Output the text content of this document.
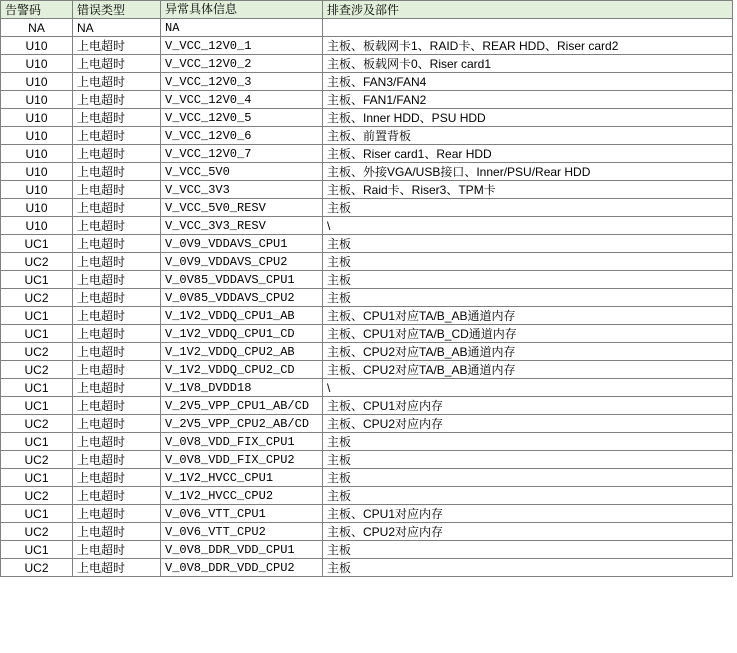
告警码	错误类型	异常具体信息	排查涉及部件
NA	NA	NA	
U10	上电超时	V_VCC_12V0_1	主板、板载网卡1、RAID卡、REAR HDD、Riser card2
U10	上电超时	V_VCC_12V0_2	主板、板载网卡0、Riser card1
U10	上电超时	V_VCC_12V0_3	主板、FAN3/FAN4
U10	上电超时	V_VCC_12V0_4	主板、FAN1/FAN2
U10	上电超时	V_VCC_12V0_5	主板、Inner HDD、PSU HDD
U10	上电超时	V_VCC_12V0_6	主板、前置背板
U10	上电超时	V_VCC_12V0_7	主板、Riser card1、Rear HDD
U10	上电超时	V_VCC_5V0	主板、外接VGA/USB接口、Inner/PSU/Rear HDD
U10	上电超时	V_VCC_3V3	主板、Raid卡、Riser3、TPM卡
U10	上电超时	V_VCC_5V0_RESV	主板
U10	上电超时	V_VCC_3V3_RESV	\
UC1	上电超时	V_0V9_VDDAVS_CPU1	主板
UC2	上电超时	V_0V9_VDDAVS_CPU2	主板
UC1	上电超时	V_0V85_VDDAVS_CPU1	主板
UC2	上电超时	V_0V85_VDDAVS_CPU2	主板
UC1	上电超时	V_1V2_VDDQ_CPU1_AB	主板、CPU1对应TA/B_AB通道内存
UC1	上电超时	V_1V2_VDDQ_CPU1_CD	主板、CPU1对应TA/B_CD通道内存
UC2	上电超时	V_1V2_VDDQ_CPU2_AB	主板、CPU2对应TA/B_AB通道内存
UC2	上电超时	V_1V2_VDDQ_CPU2_CD	主板、CPU2对应TA/B_AB通道内存
UC1	上电超时	V_1V8_DVDD18	\
UC1	上电超时	V_2V5_VPP_CPU1_AB/CD	主板、CPU1对应内存
UC2	上电超时	V_2V5_VPP_CPU2_AB/CD	主板、CPU2对应内存
UC1	上电超时	V_0V8_VDD_FIX_CPU1	主板
UC2	上电超时	V_0V8_VDD_FIX_CPU2	主板
UC1	上电超时	V_1V2_HVCC_CPU1	主板
UC2	上电超时	V_1V2_HVCC_CPU2	主板
UC1	上电超时	V_0V6_VTT_CPU1	主板、CPU1对应内存
UC2	上电超时	V_0V6_VTT_CPU2	主板、CPU2对应内存
UC1	上电超时	V_0V8_DDR_VDD_CPU1	主板
UC2	上电超时	V_0V8_DDR_VDD_CPU2	主板
